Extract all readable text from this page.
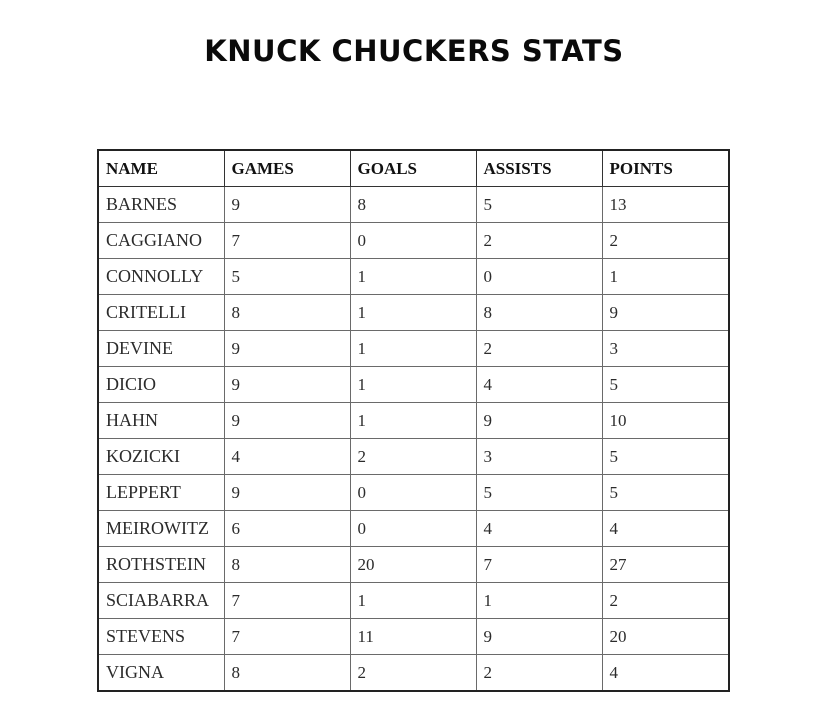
KNUCK CHUCKERS STATS
NAME	GAMES	GOALS	ASSISTS	POINTS
BARNES	9	8	5	13
CAGGIANO	7	0	2	2
CONNOLLY	5	1	0	1
CRITELLI	8	1	8	9
DEVINE	9	1	2	3
DICIO	9	1	4	5
HAHN	9	1	9	10
KOZICKI	4	2	3	5
LEPPERT	9	0	5	5
MEIROWITZ	6	0	4	4
ROTHSTEIN	8	20	7	27
SCIABARRA	7	1	1	2
STEVENS	7	11	9	20
VIGNA	8	2	2	4
